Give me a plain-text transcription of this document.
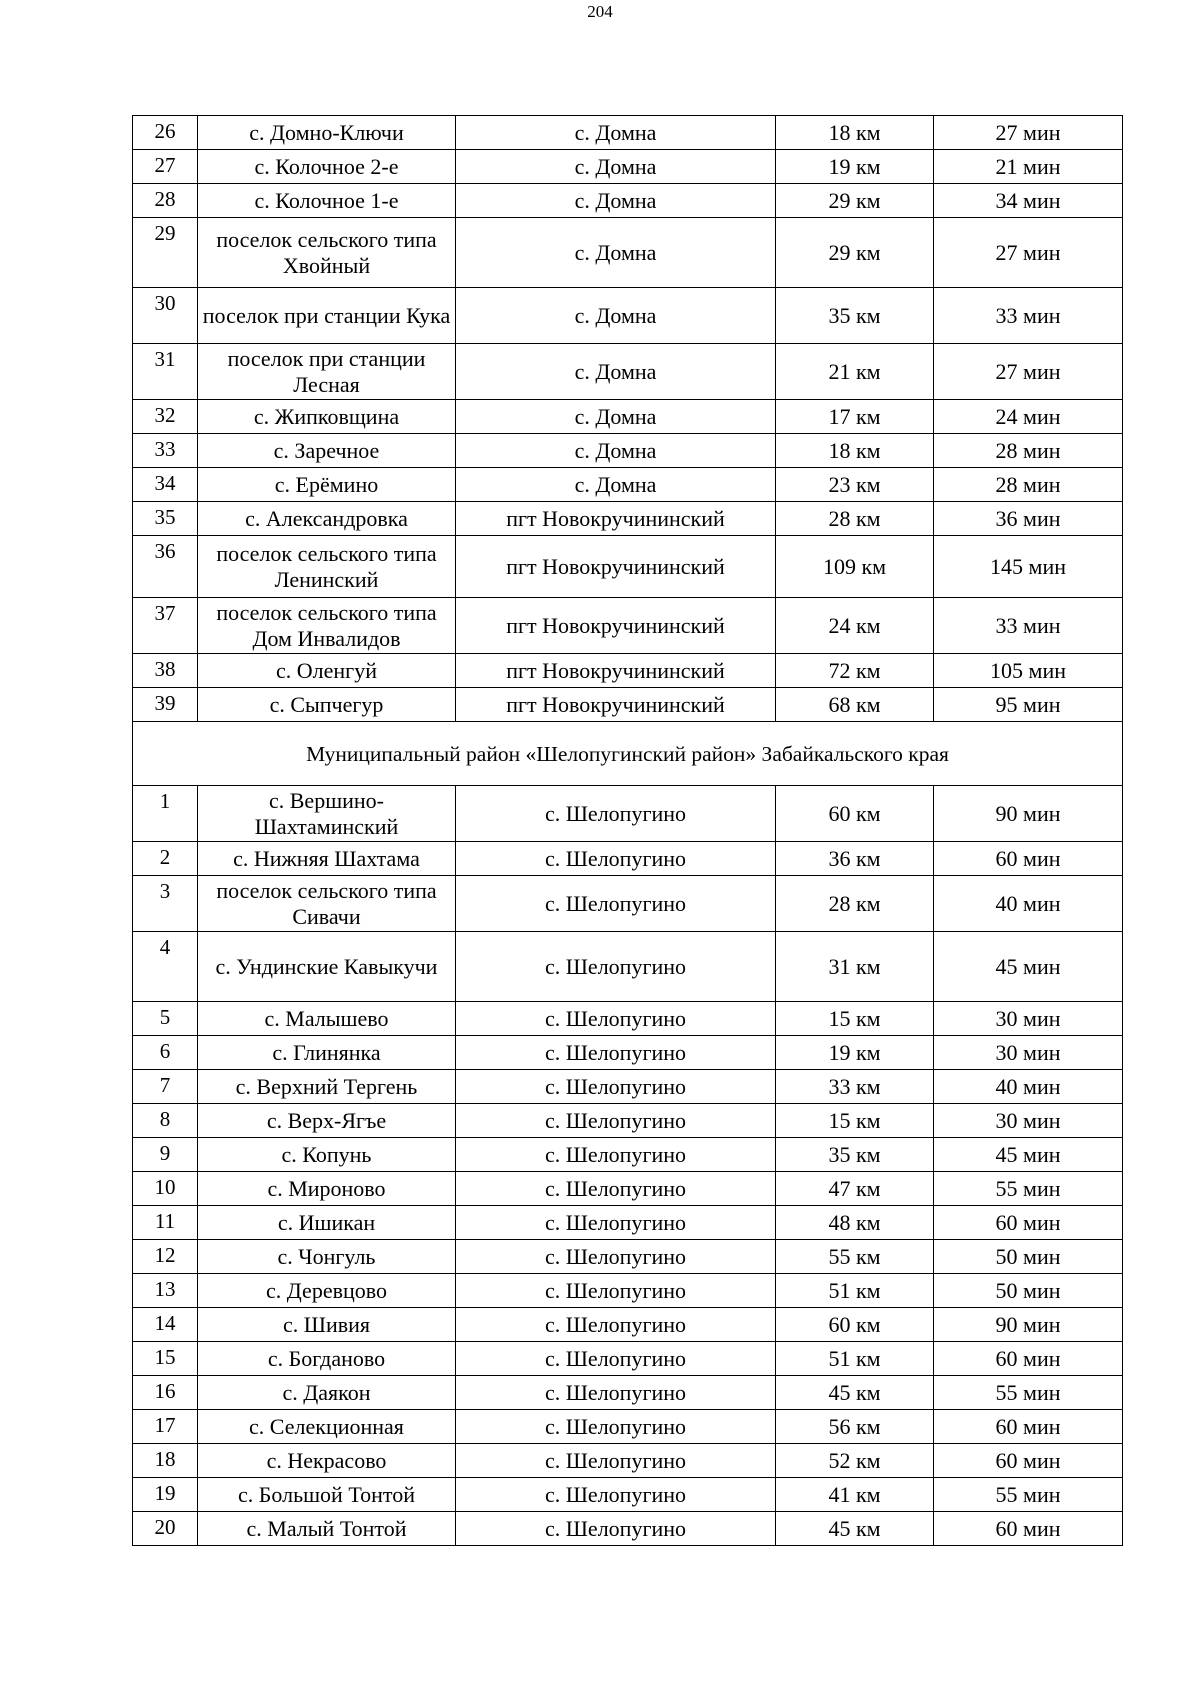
204
26	с. Домно-Ключи	с. Домна	18 км	27 мин
27	с. Колочное 2-е	с. Домна	19 км	21 мин
28	с. Колочное 1-е	с. Домна	29 км	34 мин
29	поселок сельского типа Хвойный	с. Домна	29 км	27 мин
30	поселок при станции Кука	с. Домна	35 км	33 мин
31	поселок при станции Лесная	с. Домна	21 км	27 мин
32	с. Жипковщина	с. Домна	17 км	24 мин
33	с. Заречное	с. Домна	18 км	28 мин
34	с. Ерёмино	с. Домна	23 км	28 мин
35	с. Александровка	пгт Новокручининский	28 км	36 мин
36	поселок сельского типа Ленинский	пгт Новокручининский	109 км	145 мин
37	поселок сельского типа Дом Инвалидов	пгт Новокручининский	24 км	33 мин
38	с. Оленгуй	пгт Новокручининский	72 км	105 мин
39	с. Сыпчегур	пгт Новокручининский	68 км	95 мин
Муниципальный район «Шелопугинский район» Забайкальского края				
1	с. Вершино-Шахтаминский	с. Шелопугино	60 км	90 мин
2	с. Нижняя Шахтама	с. Шелопугино	36 км	60 мин
3	поселок сельского типа Сивачи	с. Шелопугино	28 км	40 мин
4	с. Ундинские Кавыкучи	с. Шелопугино	31 км	45 мин
5	с. Малышево	с. Шелопугино	15 км	30 мин
6	с. Глинянка	с. Шелопугино	19 км	30 мин
7	с. Верхний Тергень	с. Шелопугино	33 км	40 мин
8	с. Верх-Ягъе	с. Шелопугино	15 км	30 мин
9	с. Копунь	с. Шелопугино	35 км	45 мин
10	с. Мироново	с. Шелопугино	47 км	55 мин
11	с. Ишикан	с. Шелопугино	48 км	60 мин
12	с. Чонгуль	с. Шелопугино	55 км	50 мин
13	с. Деревцово	с. Шелопугино	51 км	50 мин
14	с. Шивия	с. Шелопугино	60 км	90 мин
15	с. Богданово	с. Шелопугино	51 км	60 мин
16	с. Даякон	с. Шелопугино	45 км	55 мин
17	с. Селекционная	с. Шелопугино	56 км	60 мин
18	с. Некрасово	с. Шелопугино	52 км	60 мин
19	с. Большой Тонтой	с. Шелопугино	41 км	55 мин
20	с. Малый Тонтой	с. Шелопугино	45 км	60 мин
